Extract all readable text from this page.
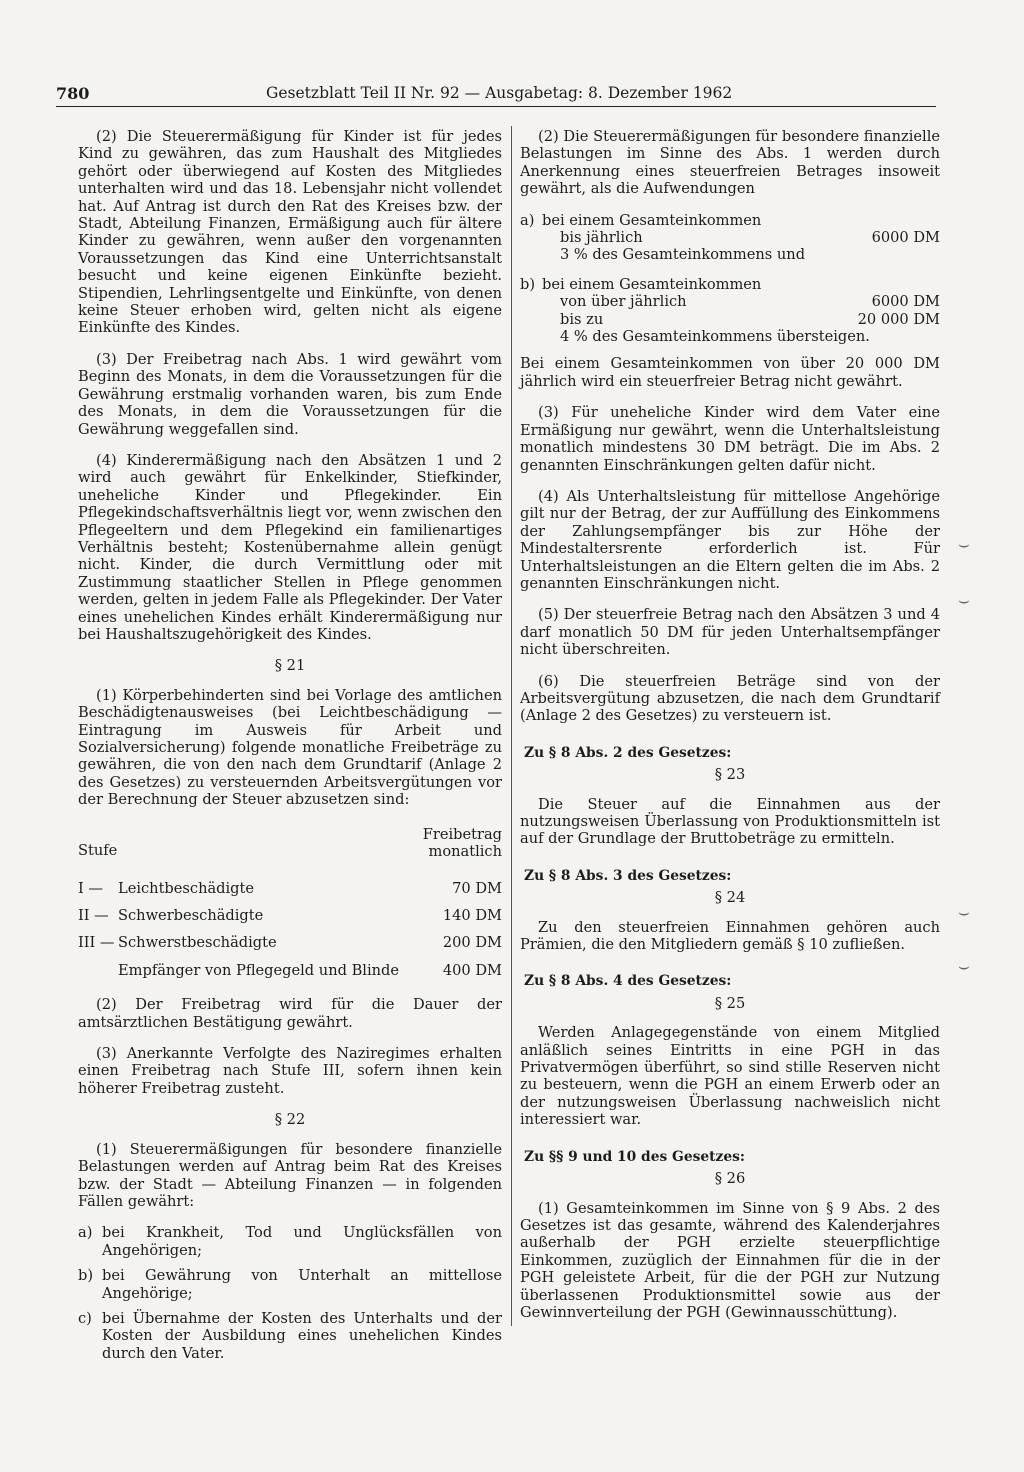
780	Gesetzblatt Teil II Nr. 92 — Ausgabetag: 8. Dezember 1962

(2) Die Steuerermäßigung für Kinder ist für jedes Kind zu gewähren, das zum Haushalt des Mitgliedes gehört oder überwiegend auf Kosten des Mitgliedes unterhalten wird und das 18. Lebensjahr nicht vollendet hat. Auf Antrag ist durch den Rat des Kreises bzw. der Stadt, Abteilung Finanzen, Ermäßigung auch für ältere Kinder zu gewähren, wenn außer den vorgenannten Voraussetzungen das Kind eine Unterrichtsanstalt besucht und keine eigenen Einkünfte bezieht. Stipendien, Lehrlingsentgelte und Einkünfte, von denen keine Steuer erhoben wird, gelten nicht als eigene Einkünfte des Kindes.

(3) Der Freibetrag nach Abs. 1 wird gewährt vom Beginn des Monats, in dem die Voraussetzungen für die Gewährung erstmalig vorhanden waren, bis zum Ende des Monats, in dem die Voraussetzungen für die Gewährung weggefallen sind.

(4) Kinderermäßigung nach den Absätzen 1 und 2 wird auch gewährt für Enkelkinder, Stiefkinder, uneheliche Kinder und Pflegekinder. Ein Pflegekindschaftsverhältnis liegt vor, wenn zwischen den Pflegeeltern und dem Pflegekind ein familienartiges Verhältnis besteht; Kostenübernahme allein genügt nicht. Kinder, die durch Vermittlung oder mit Zustimmung staatlicher Stellen in Pflege genommen werden, gelten in jedem Falle als Pflegekinder. Der Vater eines unehelichen Kindes erhält Kinderermäßigung nur bei Haushaltszugehörigkeit des Kindes.

§ 21

(1) Körperbehinderten sind bei Vorlage des amtlichen Beschädigtenausweises (bei Leichtbeschädigung — Eintragung im Ausweis für Arbeit und Sozialversicherung) folgende monatliche Freibeträge zu gewähren, die von den nach dem Grundtarif (Anlage 2 des Gesetzes) zu versteuernden Arbeitsvergütungen vor der Berechnung der Steuer abzusetzen sind:

Stufe		Freibetrag
monatlich

I —	Leichtbeschädigte	70 DM
II —	Schwerbeschädigte	140 DM
III —	Schwerstbeschädigte	200 DM
	Empfänger von Pflegegeld und Blinde	400 DM

(2) Der Freibetrag wird für die Dauer der amtsärztlichen Bestätigung gewährt.

(3) Anerkannte Verfolgte des Naziregimes erhalten einen Freibetrag nach Stufe III, sofern ihnen kein höherer Freibetrag zusteht.

§ 22

(1) Steuerermäßigungen für besondere finanzielle Belastungen werden auf Antrag beim Rat des Kreises bzw. der Stadt — Abteilung Finanzen — in folgenden Fällen gewährt:

a) bei Krankheit, Tod und Unglücksfällen von Angehörigen;
b) bei Gewährung von Unterhalt an mittellose Angehörige;
c) bei Übernahme der Kosten des Unterhalts und der Kosten der Ausbildung eines unehelichen Kindes durch den Vater.

(2) Die Steuerermäßigungen für besondere finanzielle Belastungen im Sinne des Abs. 1 werden durch Anerkennung eines steuerfreien Betrages insoweit gewährt, als die Aufwendungen

a) bei einem Gesamteinkommen
bis jährlich	6000 DM
3 % des Gesamteinkommens und
b) bei einem Gesamteinkommen
von über jährlich	6000 DM
bis zu	20 000 DM
4 % des Gesamteinkommens übersteigen.

Bei einem Gesamteinkommen von über 20 000 DM jährlich wird ein steuerfreier Betrag nicht gewährt.

(3) Für uneheliche Kinder wird dem Vater eine Ermäßigung nur gewährt, wenn die Unterhaltsleistung monatlich mindestens 30 DM beträgt. Die im Abs. 2 genannten Einschränkungen gelten dafür nicht.

(4) Als Unterhaltsleistung für mittellose Angehörige gilt nur der Betrag, der zur Auffüllung des Einkommens der Zahlungsempfänger bis zur Höhe der Mindestaltersrente erforderlich ist. Für Unterhaltsleistungen an die Eltern gelten die im Abs. 2 genannten Einschränkungen nicht.

(5) Der steuerfreie Betrag nach den Absätzen 3 und 4 darf monatlich 50 DM für jeden Unterhaltsempfänger nicht überschreiten.

(6) Die steuerfreien Beträge sind von der Arbeitsvergütung abzusetzen, die nach dem Grundtarif (Anlage 2 des Gesetzes) zu versteuern ist.

Zu § 8 Abs. 2 des Gesetzes:
§ 23

Die Steuer auf die Einnahmen aus der nutzungsweisen Überlassung von Produktionsmitteln ist auf der Grundlage der Bruttobeträge zu ermitteln.

Zu § 8 Abs. 3 des Gesetzes:
§ 24

Zu den steuerfreien Einnahmen gehören auch Prämien, die den Mitgliedern gemäß § 10 zufließen.

Zu § 8 Abs. 4 des Gesetzes:
§ 25

Werden Anlagegegenstände von einem Mitglied anläßlich seines Eintritts in eine PGH in das Privatvermögen überführt, so sind stille Reserven nicht zu besteuern, wenn die PGH an einem Erwerb oder an der nutzungsweisen Überlassung nachweislich nicht interessiert war.

Zu §§ 9 und 10 des Gesetzes:
§ 26

(1) Gesamteinkommen im Sinne von § 9 Abs. 2 des Gesetzes ist das gesamte, während des Kalenderjahres außerhalb der PGH erzielte steuerpflichtige Einkommen, zuzüglich der Einnahmen für die in der PGH geleistete Arbeit, für die der PGH zur Nutzung überlassenen Produktionsmittel sowie aus der Gewinnverteilung der PGH (Gewinnausschüttung).

⌣
⌣
⌣
⌣
